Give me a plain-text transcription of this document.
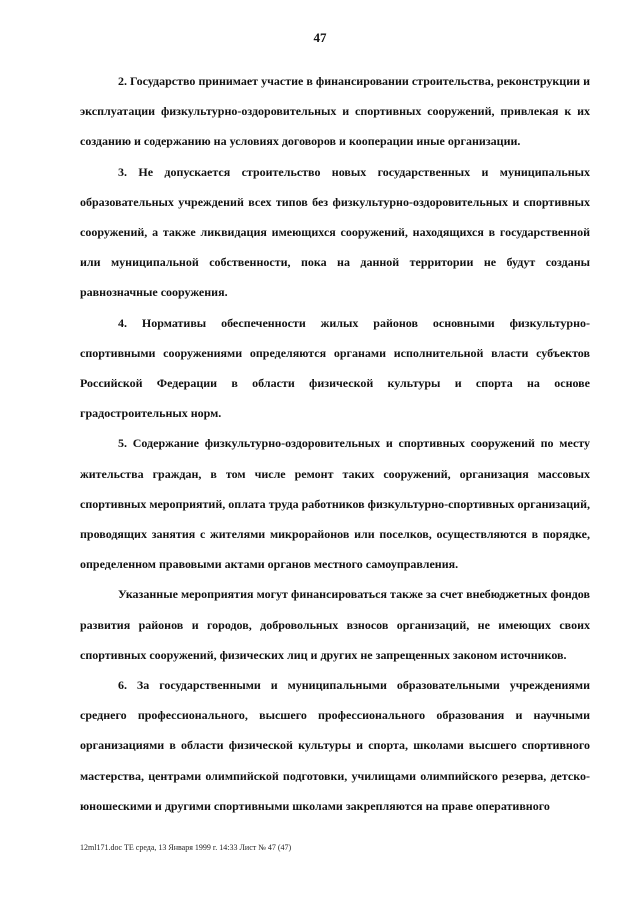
47

2. Государство принимает участие в финансировании строительства, реконструкции и эксплуатации физкультурно-оздоровительных и спортивных сооружений, привлекая к их созданию и содержанию на условиях договоров и кооперации иные организации.

3. Не допускается строительство новых государственных и муниципальных образовательных учреждений всех типов без физкультурно-оздоровительных и спортивных сооружений, а также ликвидация имеющихся сооружений, находящихся в государственной или муниципальной собственности, пока на данной территории не будут созданы равнозначные сооружения.

4. Нормативы обеспеченности жилых районов основными физкультурно-спортивными сооружениями определяются органами исполнительной власти субъектов Российской Федерации в области физической культуры и спорта на основе градостроительных норм.

5. Содержание физкультурно-оздоровительных и спортивных сооружений по месту жительства граждан, в том числе ремонт таких сооружений, организация массовых спортивных мероприятий, оплата труда работников физкультурно-спортивных организаций, проводящих занятия с жителями микрорайонов или поселков, осуществляются в порядке, определенном правовыми актами органов местного самоуправления.

Указанные мероприятия могут финансироваться также за счет внебюджетных фондов развития районов и городов, добровольных взносов организаций, не имеющих своих спортивных сооружений, физических лиц и других не запрещенных законом источников.

6. За государственными и муниципальными образовательными учреждениями среднего профессионального, высшего профессионального образования и научными организациями в области физической культуры и спорта, школами высшего спортивного мастерства, центрами олимпийской подготовки, училищами олимпийского резерва, детско-юношескими и другими спортивными школами закрепляются на праве оперативного

12ml171.doc ТЕ среда, 13 Января 1999 г. 14:33 Лист № 47 (47)
